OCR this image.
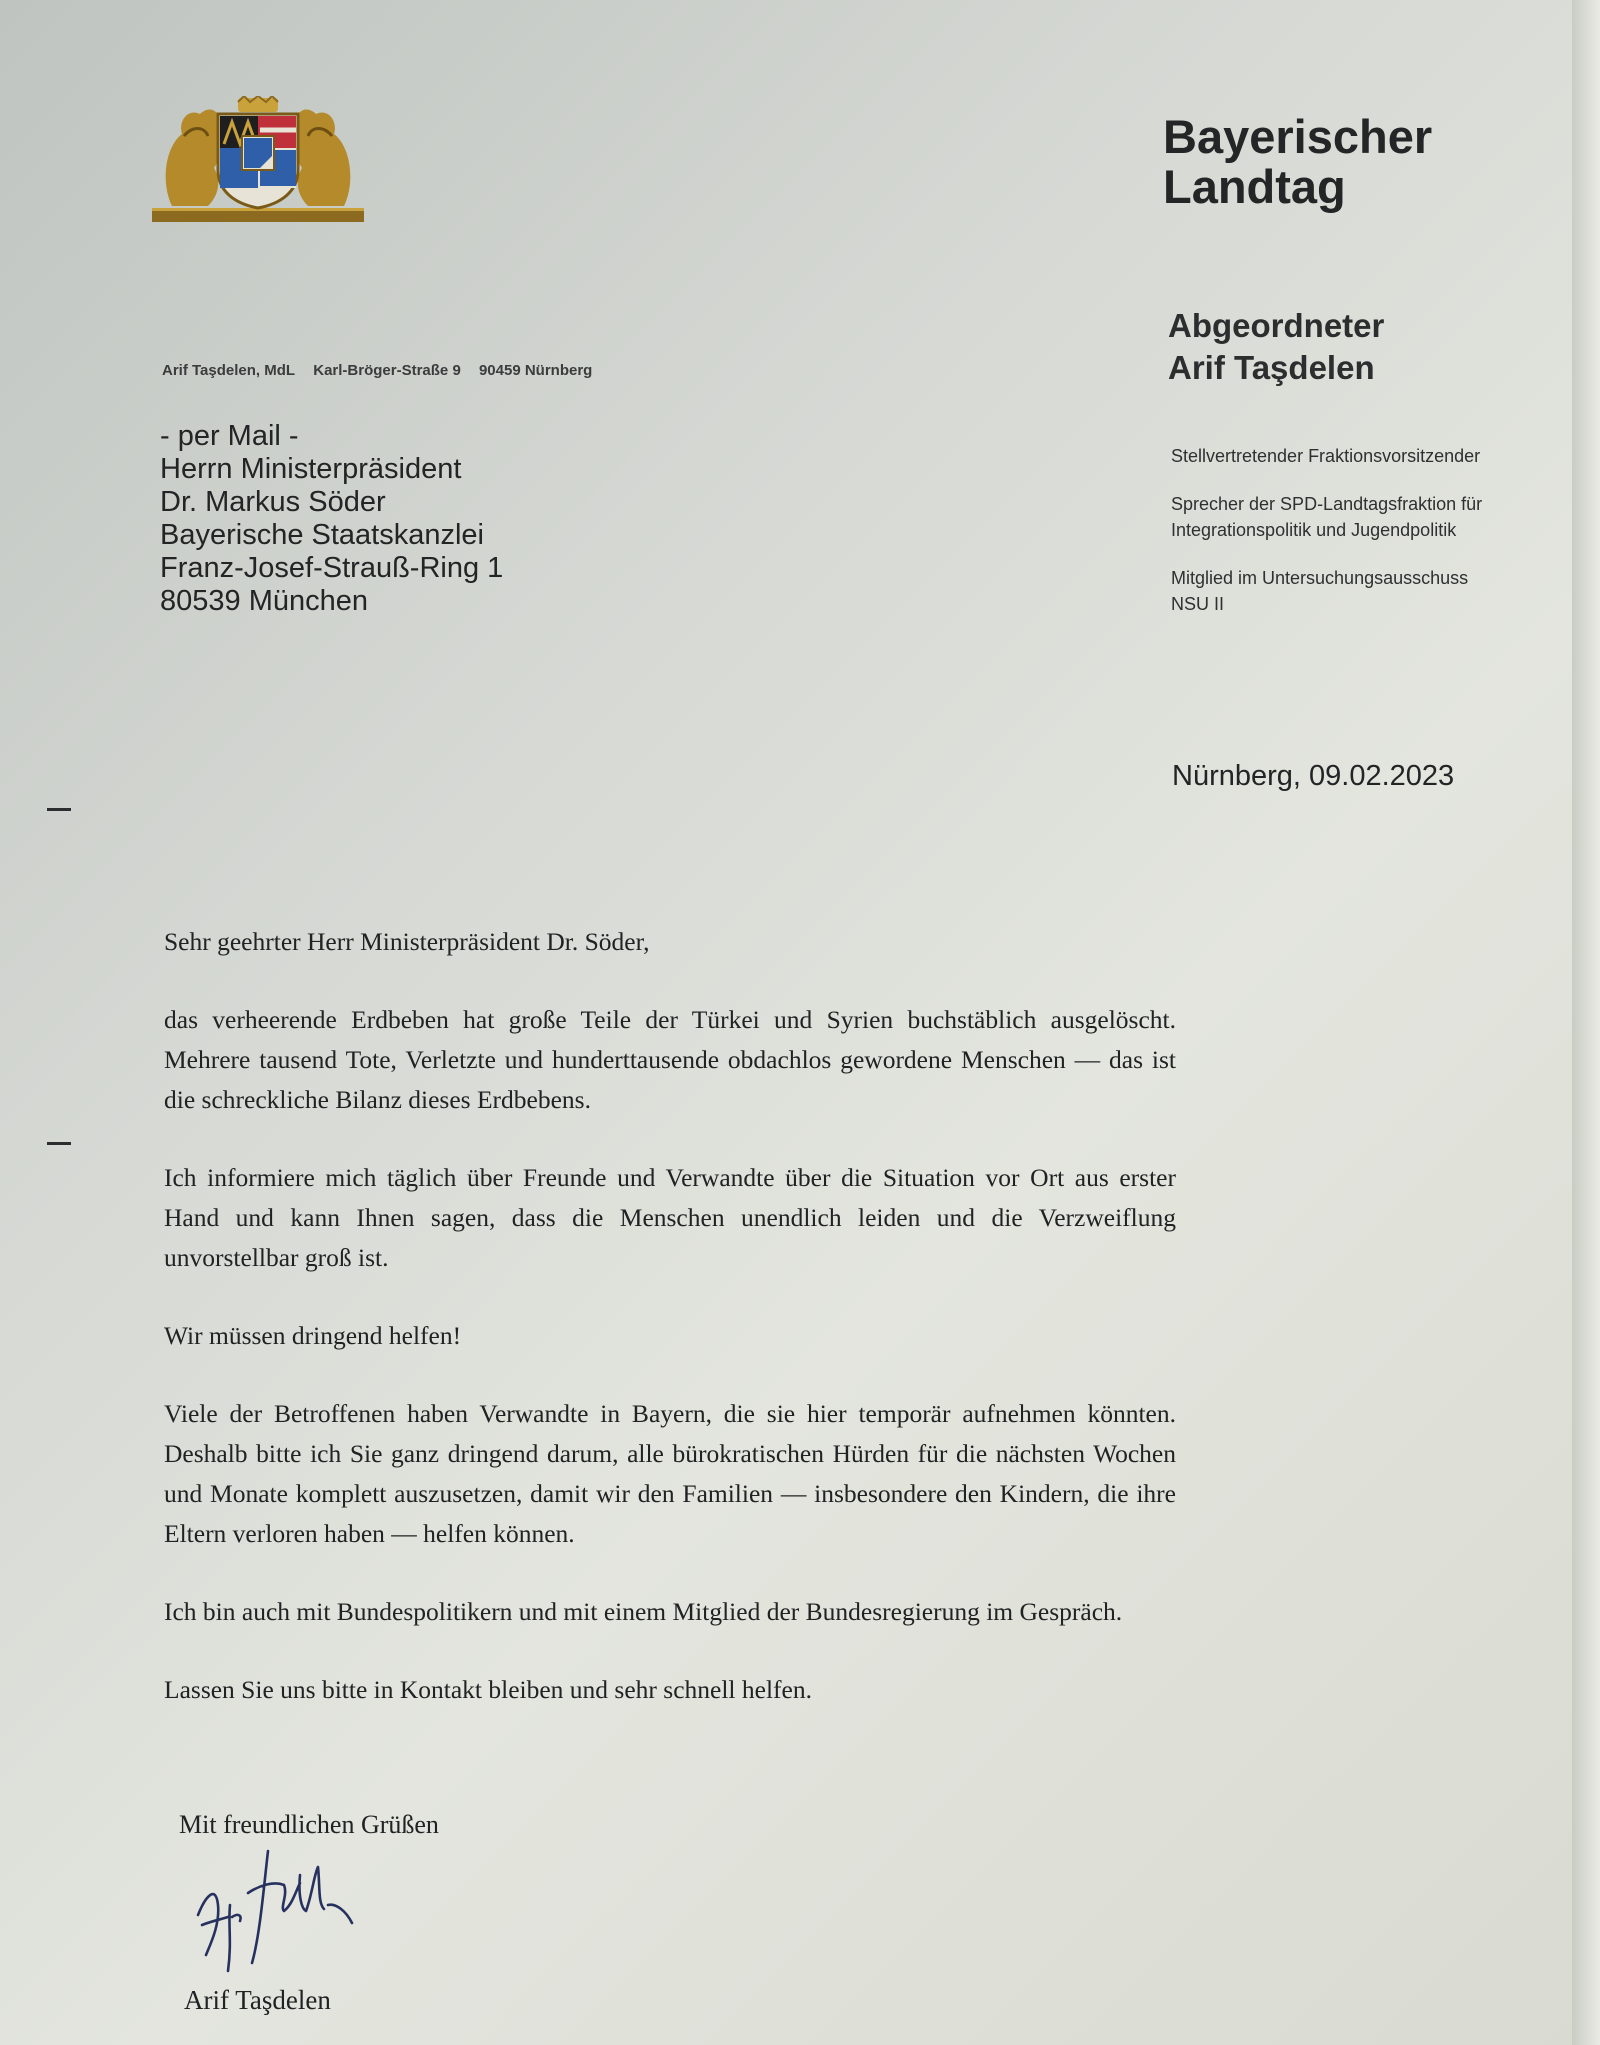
Bayerischer
Landtag
Abgeordneter
Arif Taşdelen

Stellvertretender Fraktionsvorsitzender

Sprecher der SPD-Landtagsfraktion für
Integrationspolitik und Jugendpolitik

Mitglied im Untersuchungsausschuss
NSU II

Arif Taşdelen, MdL Karl-Bröger-Straße 9 90459 Nürnberg
- per Mail -
Herrn Ministerpräsident
Dr. Markus Söder
Bayerische Staatskanzlei
Franz-Josef-Strauß-Ring 1
80539 München
Nürnberg, 09.02.2023

Sehr geehrter Herr Ministerpräsident Dr. Söder,

das verheerende Erdbeben hat große Teile der Türkei und Syrien buchstäblich ausgelöscht. Mehrere tausend Tote, Verletzte und hunderttausende obdachlos gewordene Menschen — das ist die schreckliche Bilanz dieses Erdbebens.

Ich informiere mich täglich über Freunde und Verwandte über die Situation vor Ort aus erster Hand und kann Ihnen sagen, dass die Menschen unendlich leiden und die Verzweiflung unvorstellbar groß ist.

Wir müssen dringend helfen!

Viele der Betroffenen haben Verwandte in Bayern, die sie hier temporär aufnehmen könnten. Deshalb bitte ich Sie ganz dringend darum, alle bürokratischen Hürden für die nächsten Wochen und Monate komplett auszusetzen, damit wir den Familien — insbesondere den Kindern, die ihre Eltern verloren haben — helfen können.

Ich bin auch mit Bundespolitikern und mit einem Mitglied der Bundesregierung im Gespräch.

Lassen Sie uns bitte in Kontakt bleiben und sehr schnell helfen.

Mit freundlichen Grüßen
Arif Taşdelen
